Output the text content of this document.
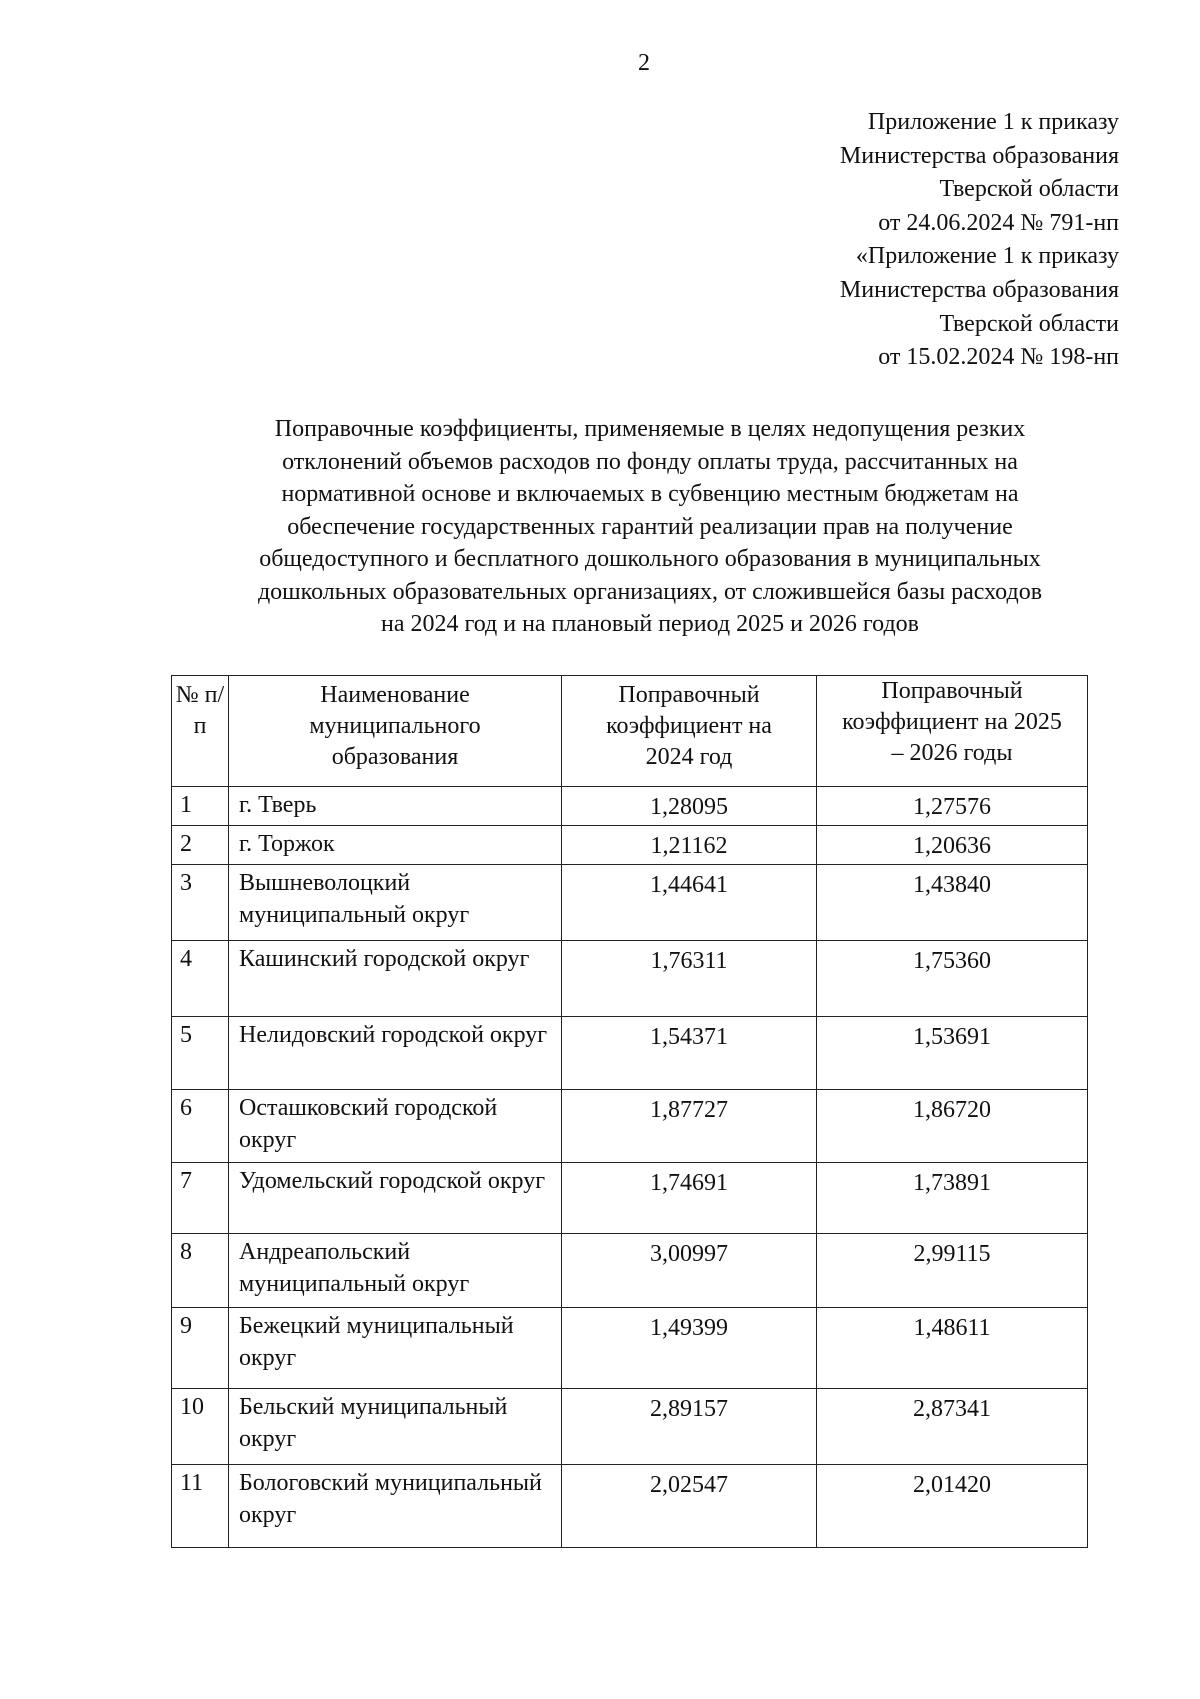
2
Приложение 1 к приказу
Министерства образования
Тверской области
от 24.06.2024 № 791-нп
«Приложение 1 к приказу
Министерства образования
Тверской области
от 15.02.2024 № 198-нп
Поправочные коэффициенты, применяемые в целях недопущения резких
отклонений объемов расходов по фонду оплаты труда, рассчитанных на
нормативной основе и включаемых в субвенцию местным бюджетам на
обеспечение государственных гарантий реализации прав на получение
общедоступного и бесплатного дошкольного образования в муниципальных
дошкольных образовательных организациях, от сложившейся базы расходов
на 2024 год и на плановый период 2025 и 2026 годов
№ п/п	Наименование муниципального образования	Поправочный коэффициент на 2024 год	Поправочный коэффициент на 2025 – 2026 годы
1	г. Тверь	1,28095	1,27576
2	г. Торжок	1,21162	1,20636
3	Вышневолоцкий муниципальный округ	1,44641	1,43840
4	Кашинский городской округ	1,76311	1,75360
5	Нелидовский городской округ	1,54371	1,53691
6	Осташковский городской округ	1,87727	1,86720
7	Удомельский городской округ	1,74691	1,73891
8	Андреапольский муниципальный округ	3,00997	2,99115
9	Бежецкий муниципальный округ	1,49399	1,48611
10	Бельский муниципальный округ	2,89157	2,87341
11	Бологовский муниципальный округ	2,02547	2,01420
